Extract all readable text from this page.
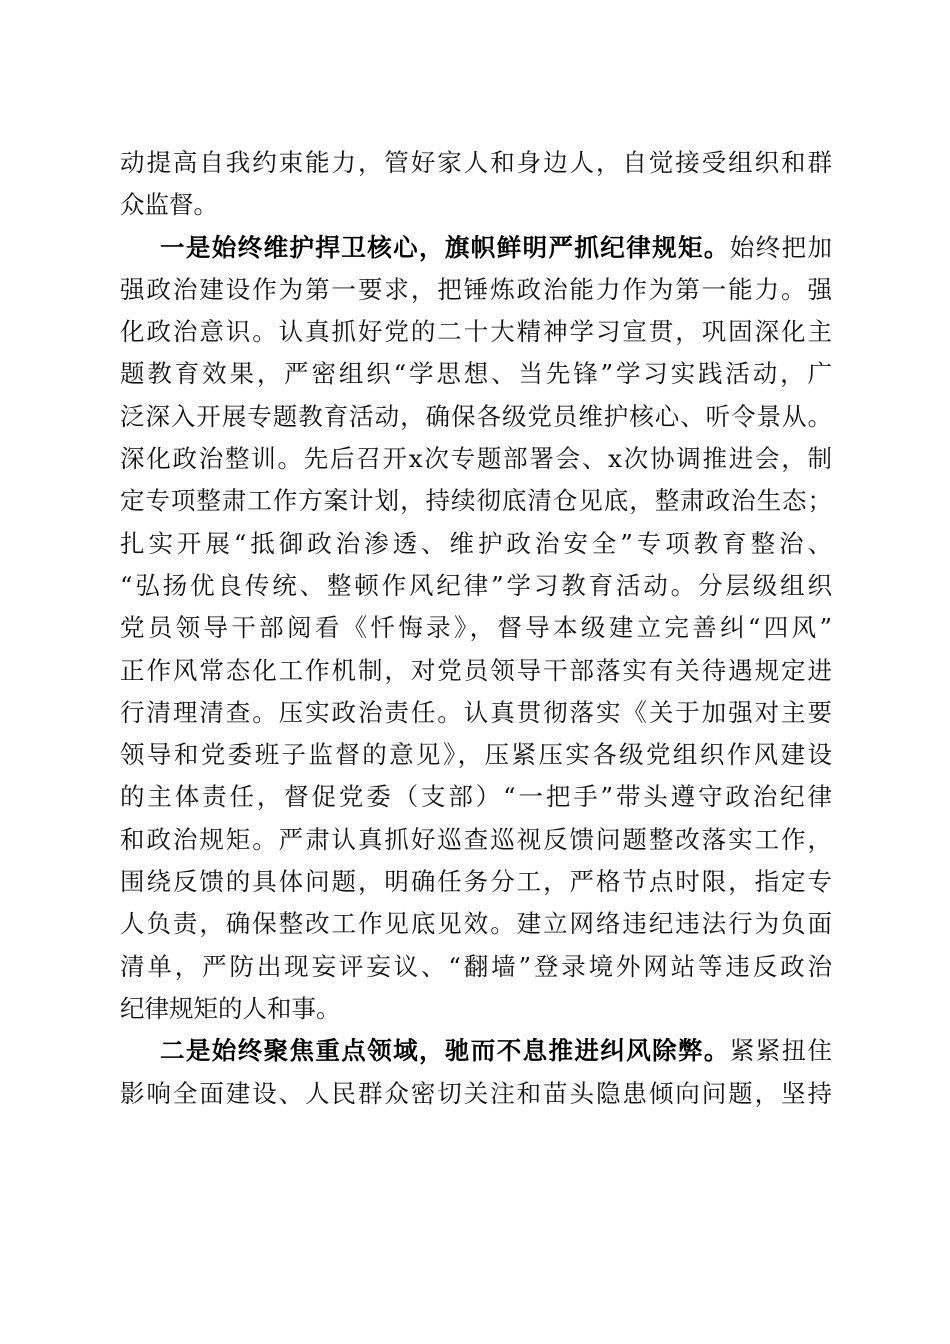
动提高自我约束能力，管好家人和身边人，自觉接受组织和群
众监督。
一是始终维护捍卫核心，旗帜鲜明严抓纪律规矩。始终把加
强政治建设作为第一要求，把锤炼政治能力作为第一能力。强
化政治意识。认真抓好党的二十大精神学习宣贯，巩固深化主
题教育效果，严密组织“学思想、当先锋”学习实践活动，广
泛深入开展专题教育活动，确保各级党员维护核心、听令景从。
深化政治整训。先后召开x次专题部署会、x次协调推进会，制
定专项整肃工作方案计划，持续彻底清仓见底，整肃政治生态；
扎实开展“抵御政治渗透、维护政治安全”专项教育整治、
“弘扬优良传统、整顿作风纪律”学习教育活动。分层级组织
党员领导干部阅看《忏悔录》，督导本级建立完善纠“四风”
正作风常态化工作机制，对党员领导干部落实有关待遇规定进
行清理清查。压实政治责任。认真贯彻落实《关于加强对主要
领导和党委班子监督的意见》，压紧压实各级党组织作风建设
的主体责任，督促党委（支部）“一把手”带头遵守政治纪律
和政治规矩。严肃认真抓好巡查巡视反馈问题整改落实工作，
围绕反馈的具体问题，明确任务分工，严格节点时限，指定专
人负责，确保整改工作见底见效。建立网络违纪违法行为负面
清单，严防出现妄评妄议、“翻墙”登录境外网站等违反政治
纪律规矩的人和事。
二是始终聚焦重点领域，驰而不息推进纠风除弊。紧紧扭住
影响全面建设、人民群众密切关注和苗头隐患倾向问题，坚持
